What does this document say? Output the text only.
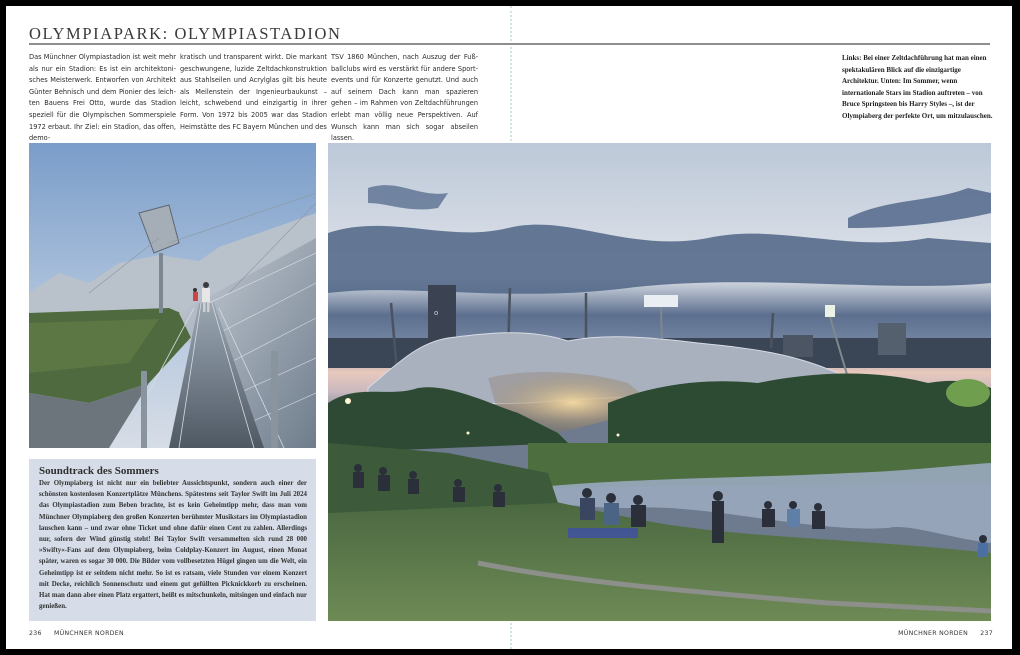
OLYMPIAPARK: OLYMPIASTADION

Das Münchner Olympiastadion ist weit mehr als nur ein Stadion: Es ist ein architektonisches Meisterwerk. Entworfen von Architekt Günter Behnisch und dem Pionier des leichten Bauens Frei Otto, wurde das Stadion speziell für die Olympischen Sommerspiele 1972 erbaut. Ihr Ziel: ein Stadion, das offen, demo-

kratisch und transparent wirkt. Die markant geschwungene, luzide Zeltdachkonstruktion aus Stahlseilen und Acrylglas gilt bis heute als Meilenstein der Ingenieurbaukunst – leicht, schwebend und einzigartig in ihrer Form. Von 1972 bis 2005 war das Stadion Heimstätte des FC Bayern München und des

TSV 1860 München, nach Auszug der Fußballclubs wird es verstärkt für andere Sportevents und für Konzerte genutzt. Und auch auf seinem Dach kann man spazieren gehen – im Rahmen von Zeltdachführungen erlebt man völlig neue Perspektiven. Auf Wunsch kann man sich sogar abseilen lassen.

Links: Bei einer Zeltdachführung hat man einen spektakulären Blick auf die einzigartige Architektur. Unten: Im Sommer, wenn internationale Stars im Stadion auftreten – von Bruce Springsteen bis Harry Styles –, ist der Olympiaberg der perfekte Ort, um mitzulauschen.

Soundtrack des Sommers

Der Olympiaberg ist nicht nur ein beliebter Aussichtspunkt, sondern auch einer der schönsten kostenlosen Konzertplätze Münchens. Spätestens seit Taylor Swift im Juli 2024 das Olympiastadion zum Beben brachte, ist es kein Geheimtipp mehr, dass man vom Münchner Olympiaberg den großen Konzerten berühmter Musikstars im Olympiastadion lauschen kann – und zwar ohne Ticket und ohne dafür einen Cent zu zahlen. Allerdings nur, sofern der Wind günstig steht! Bei Taylor Swift versammelten sich rund 28 000 »Swifty«-Fans auf dem Olympiaberg, beim Coldplay-Konzert im August, einen Monat später, waren es sogar 30 000. Die Bilder vom vollbesetzten Hügel gingen um die Welt, ein Geheimtipp ist er seitdem nicht mehr. So ist es ratsam, viele Stunden vor einem Konzert mit Decke, reichlich Sonnenschutz und einem gut gefüllten Picknickkorb zu erscheinen. Hat man dann aber einen Platz ergattert, heißt es mitschunkeln, mitsingen und einfach nur genießen.

o
236 MÜNCHNER NORDEN	MÜNCHNER NORDEN 237
